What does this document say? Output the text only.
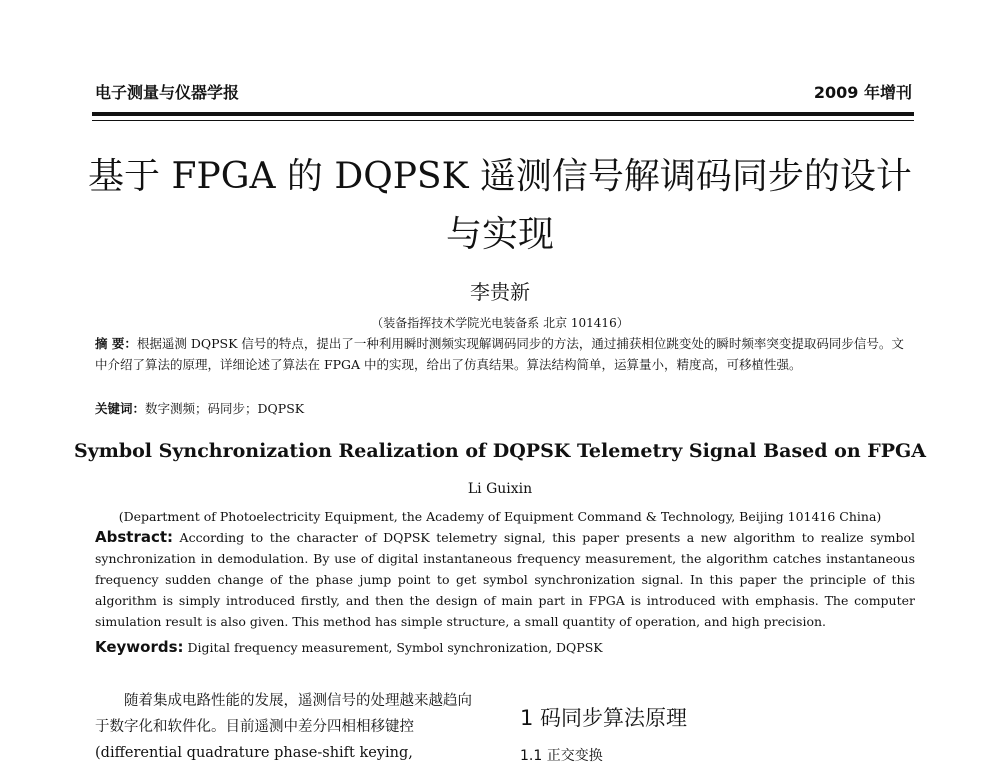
电子测量与仪器学报	2009 年增刊
基于 FPGA 的 DQPSK 遥测信号解调码同步的设计
与实现
李贵新
（装备指挥技术学院光电装备系 北京 101416）
摘 要：根据遥测 DQPSK 信号的特点，提出了一种利用瞬时测频实现解调码同步的方法，通过捕获相位跳变处的瞬时频率突变提取码同步信号。文中介绍了算法的原理，详细论述了算法在 FPGA 中的实现，给出了仿真结果。算法结构简单，运算量小，精度高，可移植性强。
关键词：数字测频；码同步；DQPSK
Symbol Synchronization Realization of DQPSK Telemetry Signal Based on FPGA
Li Guixin
(Department of Photoelectricity Equipment, the Academy of Equipment Command & Technology, Beijing 101416 China)
Abstract: According to the character of DQPSK telemetry signal, this paper presents a new algorithm to realize symbol synchronization in demodulation. By use of digital instantaneous frequency measurement, the algorithm catches instantaneous frequency sudden change of the phase jump point to get symbol synchronization signal. In this paper the principle of this algorithm is simply introduced firstly, and then the design of main part in FPGA is introduced with emphasis. The computer simulation result is also given. This method has simple structure, a small quantity of operation, and high precision.
Keywords: Digital frequency measurement, Symbol synchronization, DQPSK
随着集成电路性能的发展，遥测信号的处理越来越趋向于数字化和软件化。目前遥测中差分四相相移键控(differential quadrature phase-shift keying,
1 码同步算法原理
1.1 正交变换
